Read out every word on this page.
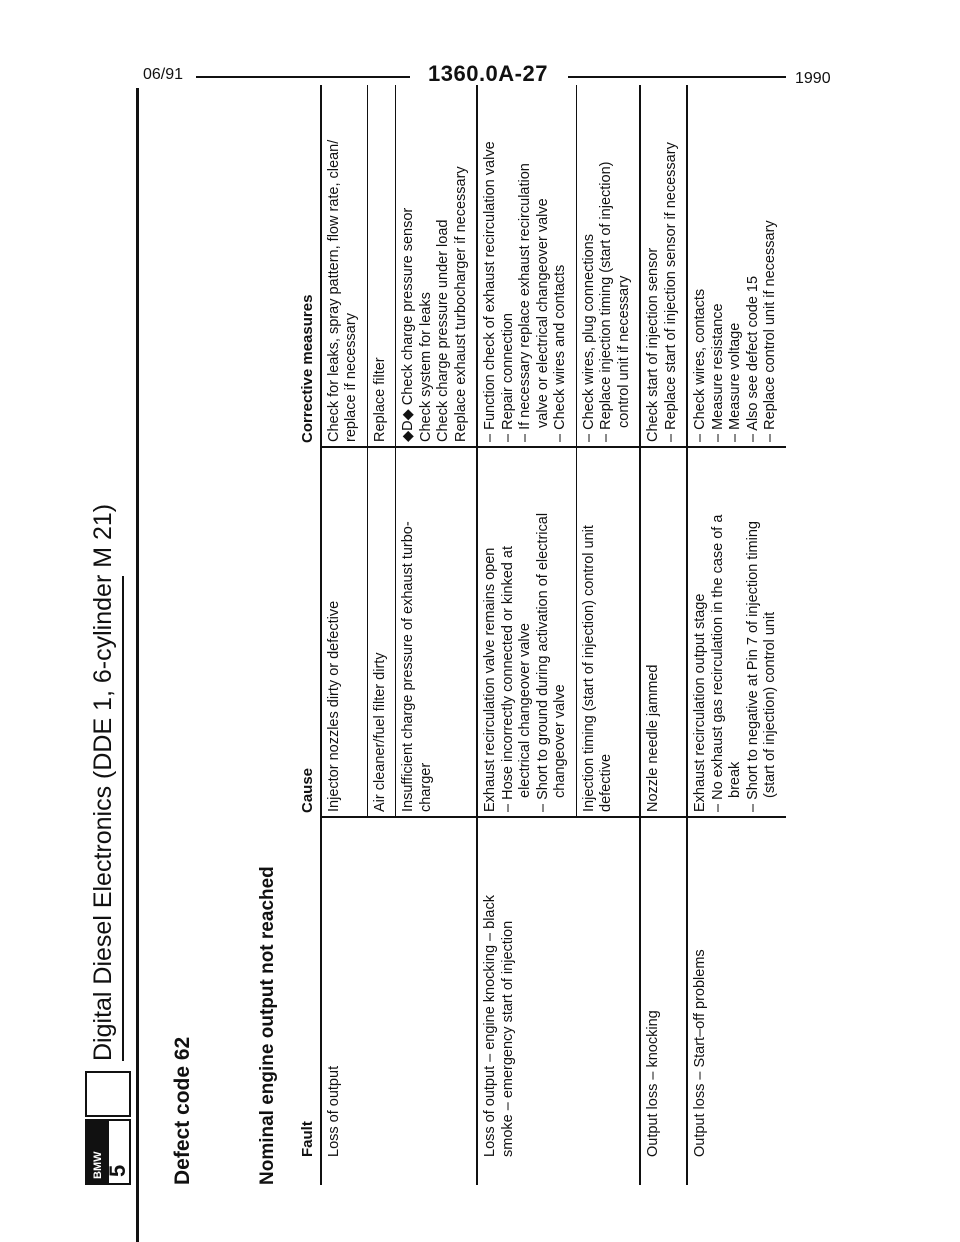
06/91	1360.0A-27	1990
BMW 5
Digital Diesel Electronics (DDE 1, 6-cylinder M 21)
Defect code 62	Nominal engine output not reached Fault	Cause	Corrective measures

Loss of output	Injector nozzles dirty or defective	Check for leaks, spray pattern, flow rate, clean/ replace if necessary

	Air cleaner/fuel filter dirty	Replace filter

	Insufficient charge pressure of exhaust turbo- charger	◆D◆ Check charge pressure sensor Check system for leaks Check charge pressure under load Replace exhaust turbocharger if necessary

Loss of output – engine knocking – black smoke – emergency start of injection	Exhaust recirculation valve remains open – Hose incorrectly connected or kinked at electrical changeover valve – Short to ground during activation of electrical changeover valve	– Function check of exhaust recirculation valve – Repair connection – If necessary replace exhaust recirculation valve or electrical changeover valve – Check wires and contacts

	Injection timing (start of injection) control unit defective	– Check wires, plug connections – Replace injection timing (start of injection) control unit if necessary

Output loss – knocking	Nozzle needle jammed	Check start of injection sensor – Replace start of injection sensor if necessary

Output loss – Start–off problems	Exhaust recirculation output stage – No exhaust gas recirculation in the case of a break – Short to negative at Pin 7 of injection timing (start of injection) control unit	– Check wires, contacts – Measure resistance – Measure voltage – Also see defect code 15 – Replace control unit if necessary
